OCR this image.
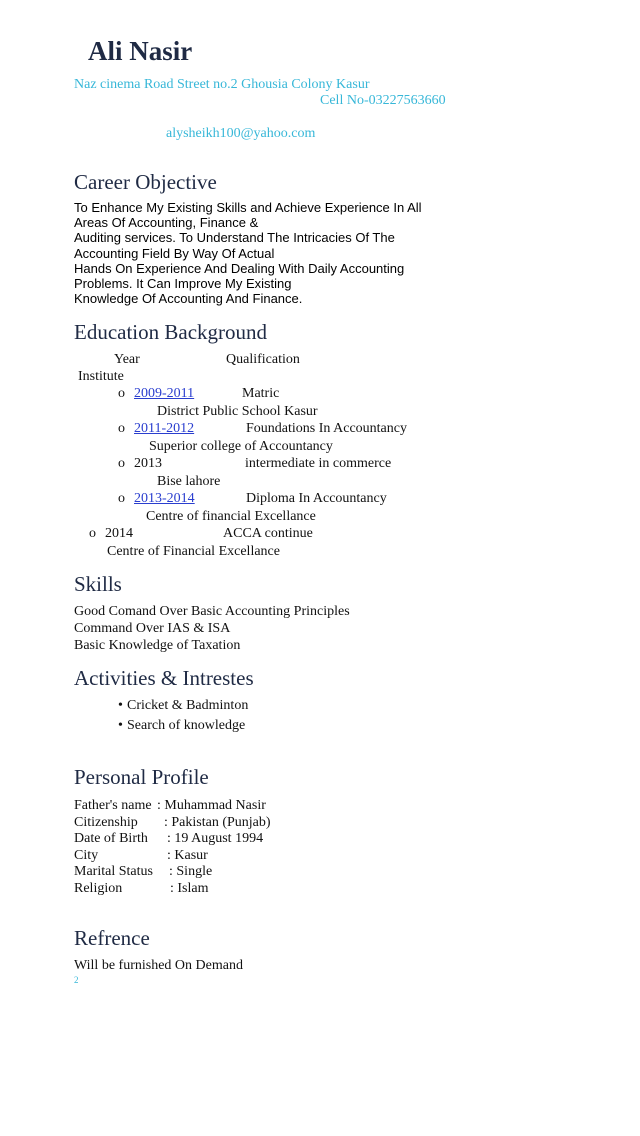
Ali Nasir
Naz cinema Road Street no.2 Ghousia Colony Kasur
Cell No-03227563660
alysheikh100@yahoo.com
Career Objective
To Enhance My Existing Skills and Achieve Experience In All
Areas Of Accounting, Finance &
Auditing services. To Understand The Intricacies Of The
Accounting Field By Way Of Actual
Hands On Experience And Dealing With Daily Accounting
Problems. It Can Improve My Existing
Knowledge Of Accounting And Finance.
Education Background
Year	Qualification
Institute
o 2009-2011	Matric
District Public School Kasur
o 2011-2012	Foundations In Accountancy
Superior college of Accountancy
o 2013	intermediate in commerce
Bise lahore
o 2013-2014	Diploma In Accountancy
Centre of financial Excellance
o 2014	ACCA continue
Centre of Financial Excellance
Skills
Good Comand Over Basic Accounting Principles
Command Over IAS & ISA
Basic Knowledge of Taxation
Activities & Intrestes
• Cricket & Badminton
• Search of knowledge
Personal Profile
Father's name : Muhammad Nasir
Citizenship : Pakistan (Punjab)
Date of Birth : 19 August 1994
City	: Kasur
Marital Status : Single
Religion	: Islam
Refrence
Will be furnished On Demand
2
